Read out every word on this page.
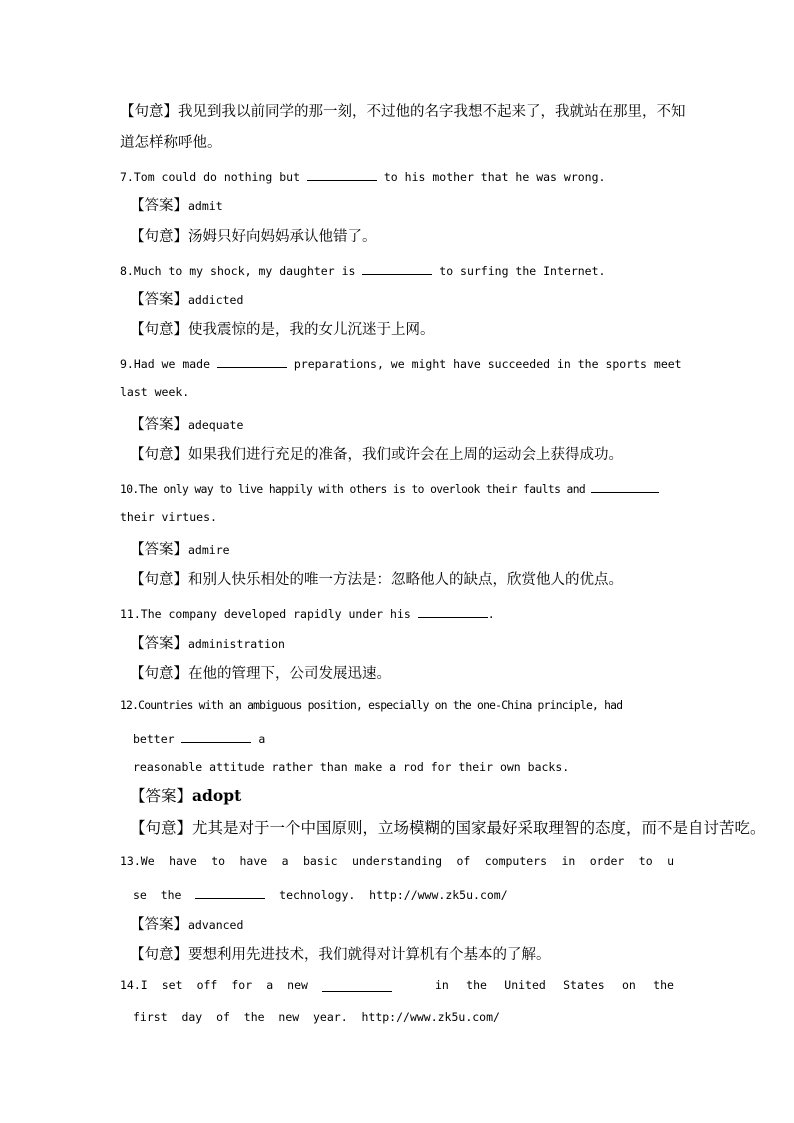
【句意】我见到我以前同学的那一刻，不过他的名字我想不起来了，我就站在那里，不知
道怎样称呼他。
7.Tom could do nothing but	to his mother that he was wrong.
【答案】admit
【句意】汤姆只好向妈妈承认他错了。
8.Much to my shock, my daughter is	to surfing the Internet.
【答案】addicted
【句意】使我震惊的是，我的女儿沉迷于上网。
9.Had we made	preparations, we might have succeeded in the sports meet
last week.
【答案】adequate
【句意】如果我们进行充足的准备，我们或许会在上周的运动会上获得成功。
10.The only way to live happily with others is to overlook their faults and
their virtues.
【答案】admire
【句意】和别人快乐相处的唯一方法是：忽略他人的缺点，欣赏他人的优点。
11.The company developed rapidly under his	.
【答案】administration
【句意】在他的管理下，公司发展迅速。
12.Countries with an ambiguous position, especially on the one-China principle, had
better	a
reasonable attitude rather than make a rod for their own backs.
【答案】adopt
【句意】尤其是对于一个中国原则，立场模糊的国家最好采取理智的态度，而不是自讨苦吃。
13.We have to have a basic understanding of computers in order to u
se  the	technology.  http://www.zk5u.com/
【答案】advanced
【句意】要想利用先进技术，我们就得对计算机有个基本的了解。

14.I set off for a new

	in the United States on the

first  day  of  the  new  year.  http://www.zk5u.com/
